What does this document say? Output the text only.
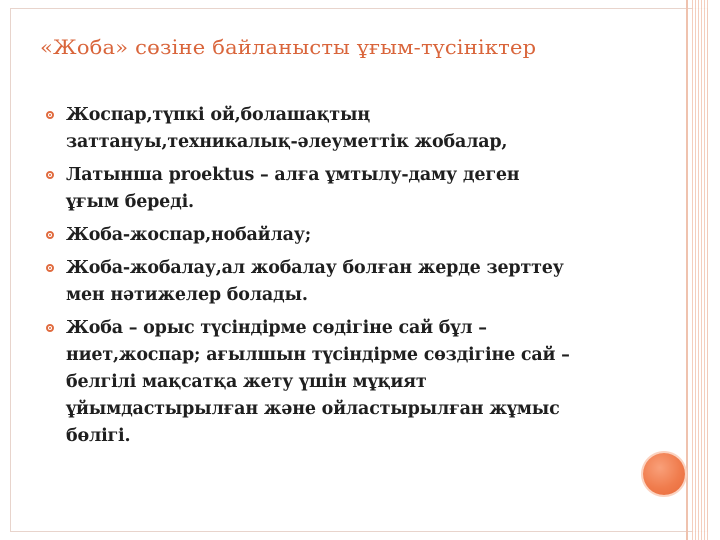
«Жоба» сөзіне байланысты ұғым-түсініктер
Жоспар,түпкі ой,болашақтың
заттануы,техникалық-әлеуметтік жобалар,
Латынша proektus – алға ұмтылу-даму деген
ұғым береді.
Жоба-жоспар,нобайлау;
Жоба-жобалау,ал жобалау болған жерде зерттеу
мен нәтижелер болады.
Жоба – орыс түсіндірме сөдігіне сай бұл –
ниет,жоспар; ағылшын түсіндірме сөздігіне сай –
белгілі мақсатқа жету үшін мұқият
ұйымдастырылған және ойластырылған жұмыс
бөлігі.
